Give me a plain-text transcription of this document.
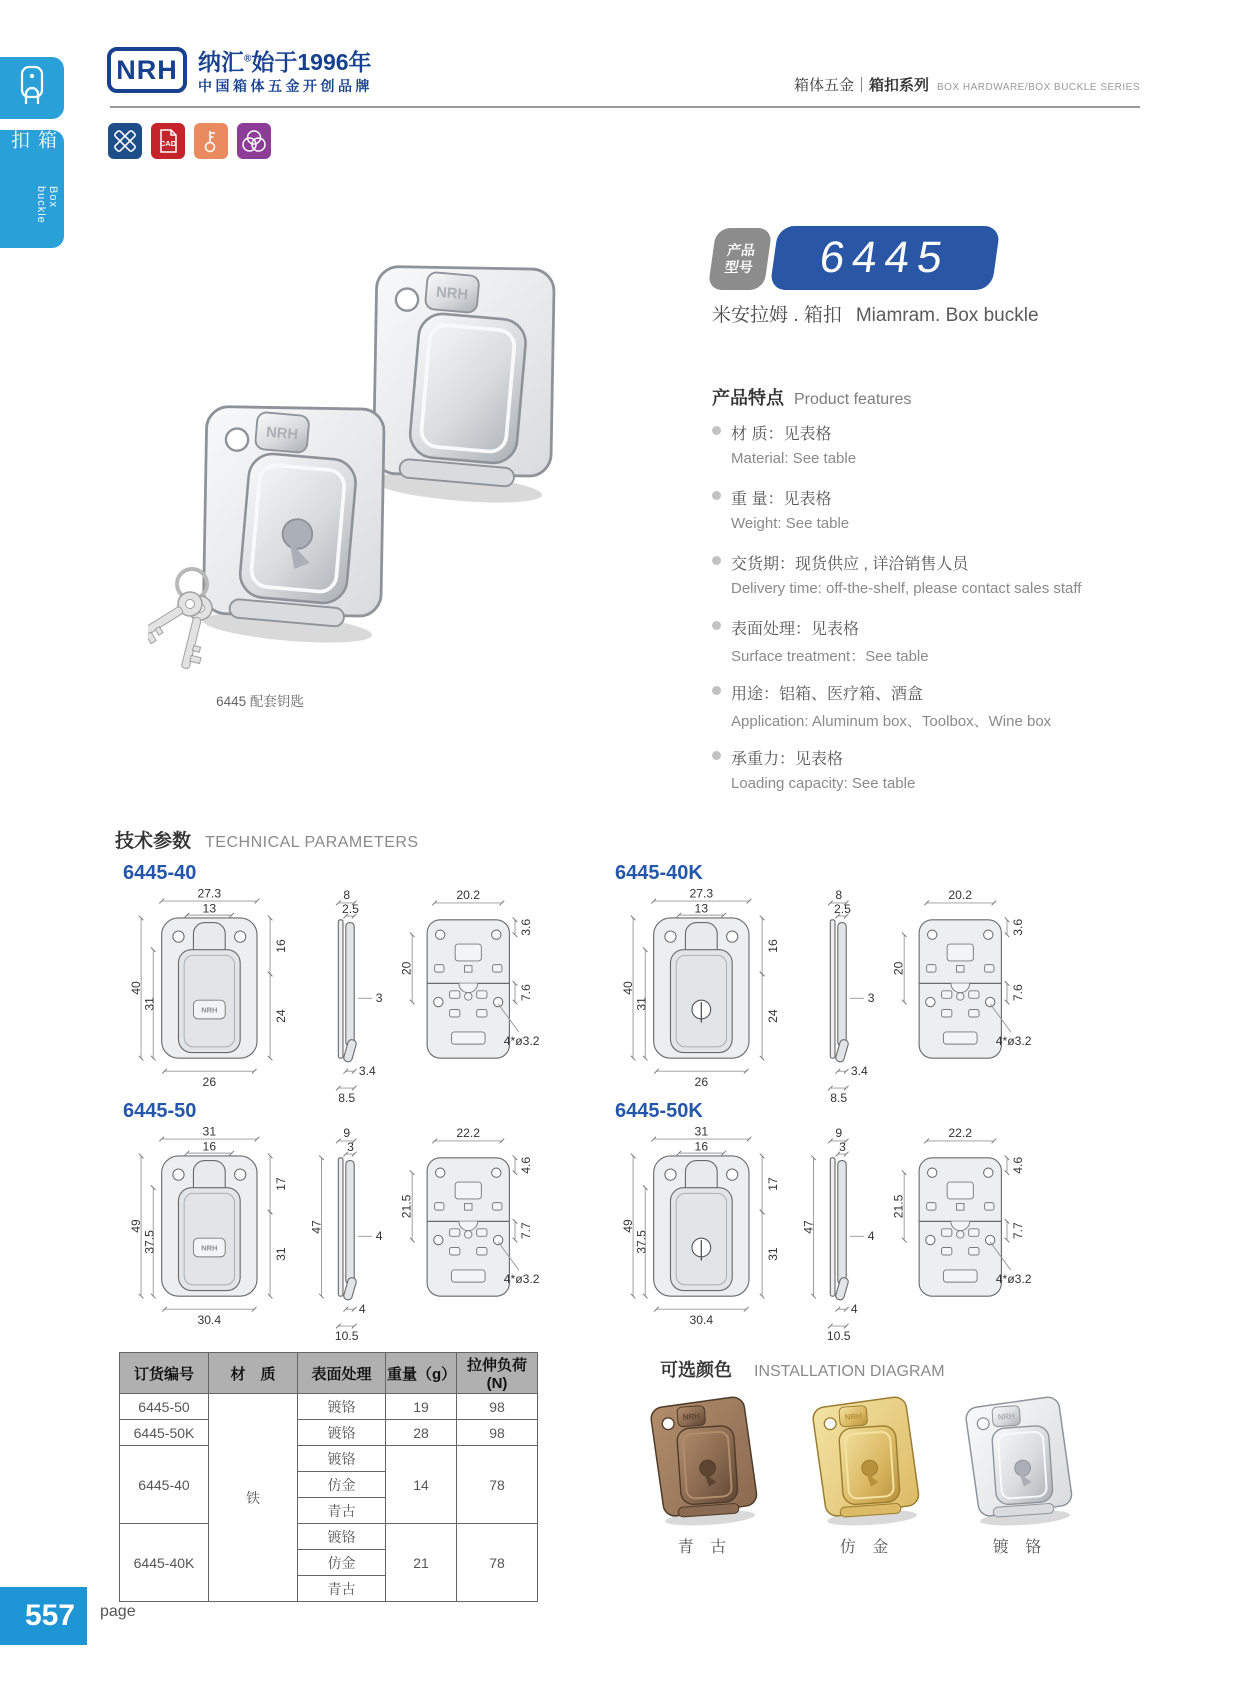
箱扣
Box buckle
NRH 纳汇®始于1996年
中国箱体五金开创品牌	箱体五金｜箱扣系列 BOX HARDWARE/BOX BUCKLE SERIES
CAD
NRH
NRH
6445 配套钥匙
产品
型号 6445
米安拉姆 . 箱扣 Miamram. Box buckle
产品特点 Product features
材 质：见表格
Material: See table
重 量：见表格
Weight: See table
交货期：现货供应 , 详洽销售人员
Delivery time: off-the-shelf, please contact sales staff
表面处理：见表格
Surface treatment：See table
用途：铝箱、医疗箱、酒盒
Application: Aluminum box、Toolbox、Wine box
承重力：见表格
Loading capacity: See table
技术参数 TECHNICAL PARAMETERS
6445-40
NRH
27.3
13
40
31
16
24
26
8
2.5
3
3.4
8.5
20.2
3.6
20
7.6
4*ø3.2
6445-40K
27.3
13
40
31
16
24
26
8
2.5
3
3.4
8.5
20.2
3.6
20
7.6
4*ø3.2
6445-50
NRH
31
16
49
37.5
17
31
30.4
9
3
47
4
4
10.5
22.2
4.6
21.5
7.7
4*ø3.2
6445-50K
31
16
49
37.5
17
31
30.4
9
3
47
4
4
10.5
22.2
4.6
21.5
7.7
4*ø3.2
订货编号	材　质	表面处理	重量（g）	拉伸负荷 (N)
6445-50	铁	镀铬	19	98
6445-50K		镀铬	28	98
6445-40		镀铬	14	78
		仿金		
		青古		
6445-40K		镀铬	21	78
		仿金		
		青古		
可选颜色 INSTALLATION DIAGRAM
NRH	NRH	NRH
青 古	仿 金	镀 铬
557 page
